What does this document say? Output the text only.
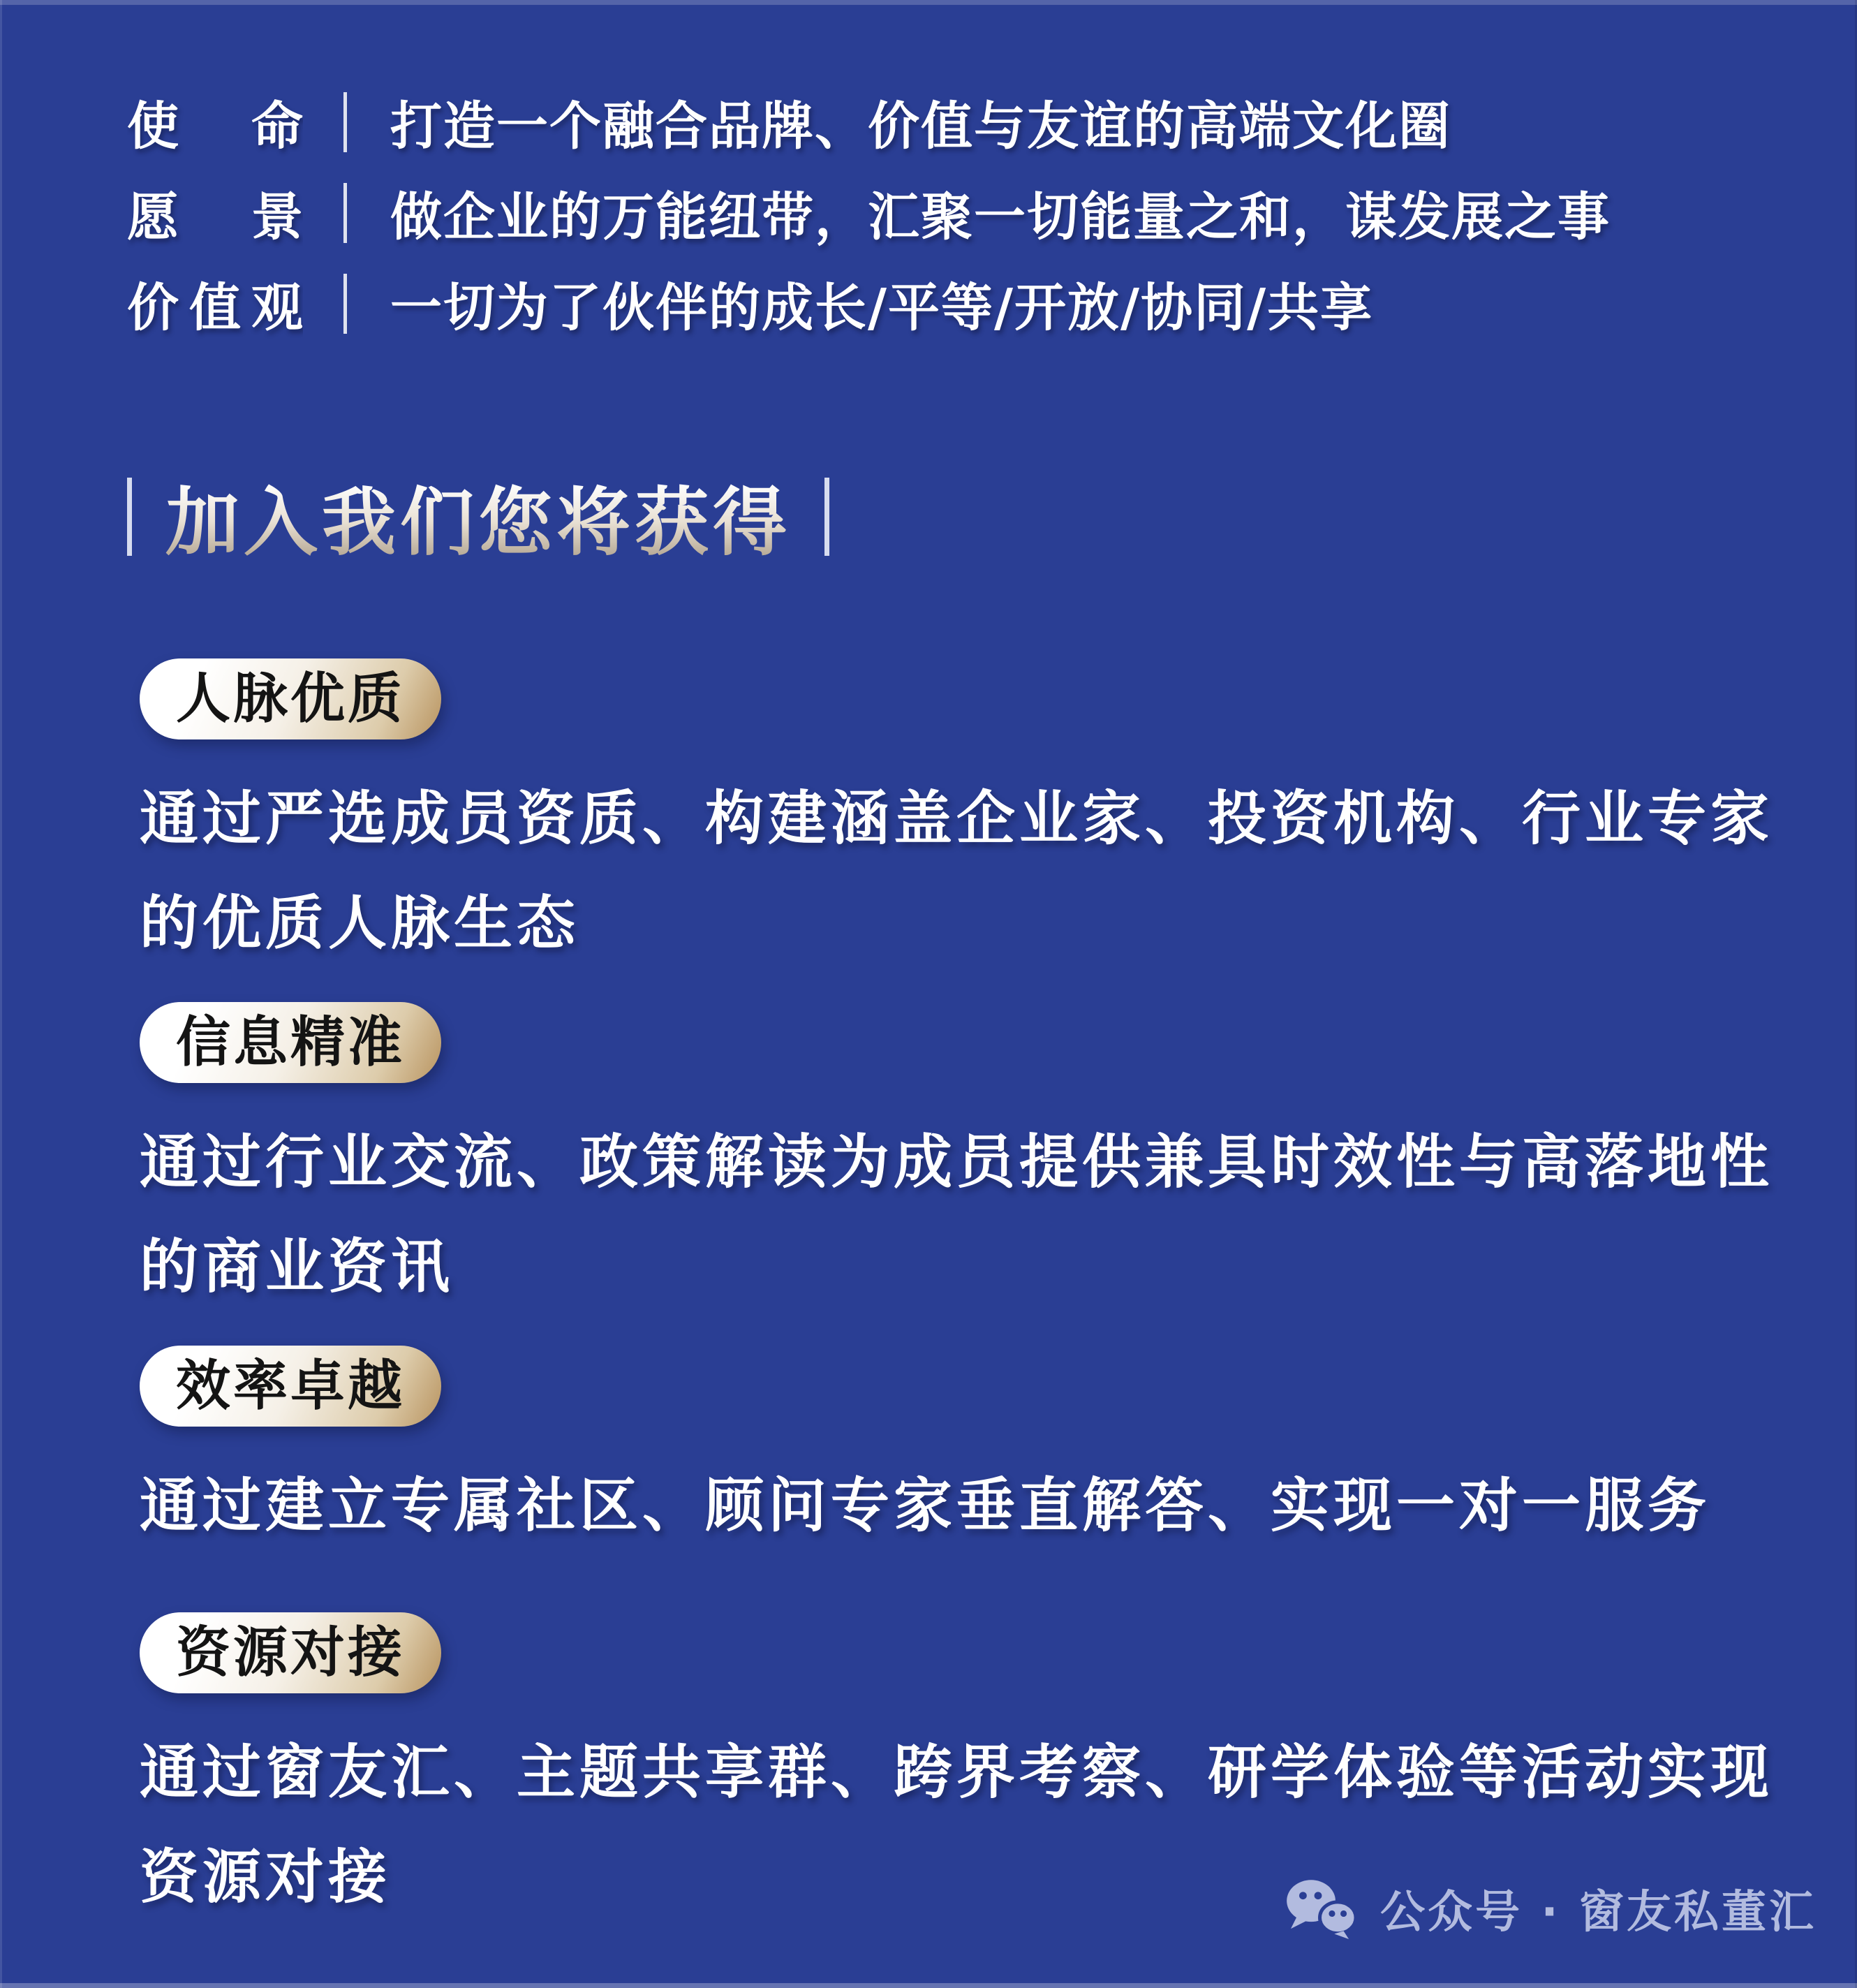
使　命 打造一个融合品牌、价值与友谊的高端文化圈
愿　景 做企业的万能纽带，汇聚一切能量之和，谋发展之事
价值观 一切为了伙伴的成长/平等/开放/协同/共享
加入我们您将获得
人脉优质
通过严选成员资质、构建涵盖企业家、投资机构、行业专家
的优质人脉生态
信息精准
通过行业交流、政策解读为成员提供兼具时效性与高落地性
的商业资讯
效率卓越
通过建立专属社区、顾问专家垂直解答、实现一对一服务
资源对接
通过窗友汇、主题共享群、跨界考察、研学体验等活动实现
资源对接
公众号 · 窗友私董汇
